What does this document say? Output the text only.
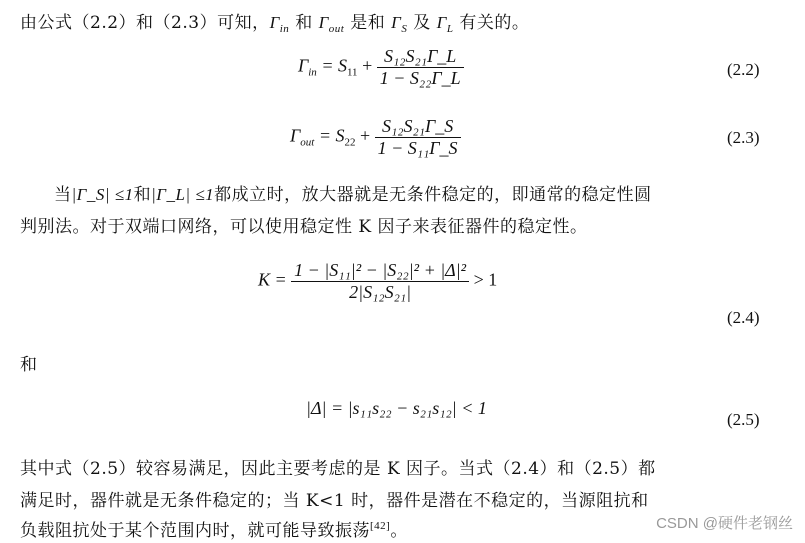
由公式（2.2）和（2.3）可知，$\Gamma_{in}$ 和 $\Gamma_{out}$ 是和 $\Gamma_S$ 及 $\Gamma_L$ 有关的。
$\Gamma_{in} = S_{11} + \frac{\text{S₁₂S₂₁Γ\_L}}{\text{1 − S₂₂Γ\_L}}$	(2.2)
$\Gamma_{out} = S_{22} + \frac{\text{S₁₂S₂₁Γ\_S}}{\text{1 − S₁₁Γ\_S}}$	(2.3)
当|Γ_S| ≤1和|Γ_L| ≤1都成立时，放大器就是无条件稳定的，即通常的稳定性圆
判别法。对于双端口网络，可以使用稳定性 K 因子来表征器件的稳定性。
$K = \frac{\text{1 − |S₁₁|² − |S₂₂|² + |Δ|²}}{\text{2|S₁₂S₂₁|}} > 1$
(2.4)
和
|Δ| = |s₁₁s₂₂ − s₂₁s₁₂| < 1
(2.5)
其中式（2.5）较容易满足，因此主要考虑的是 K 因子。当式（2.4）和（2.5）都
满足时，器件就是无条件稳定的；当 K<1 时，器件是潜在不稳定的，当源阻抗和
负载阻抗处于某个范围内时，就可能导致振荡[42]。	CSDN @硬件老钢丝
